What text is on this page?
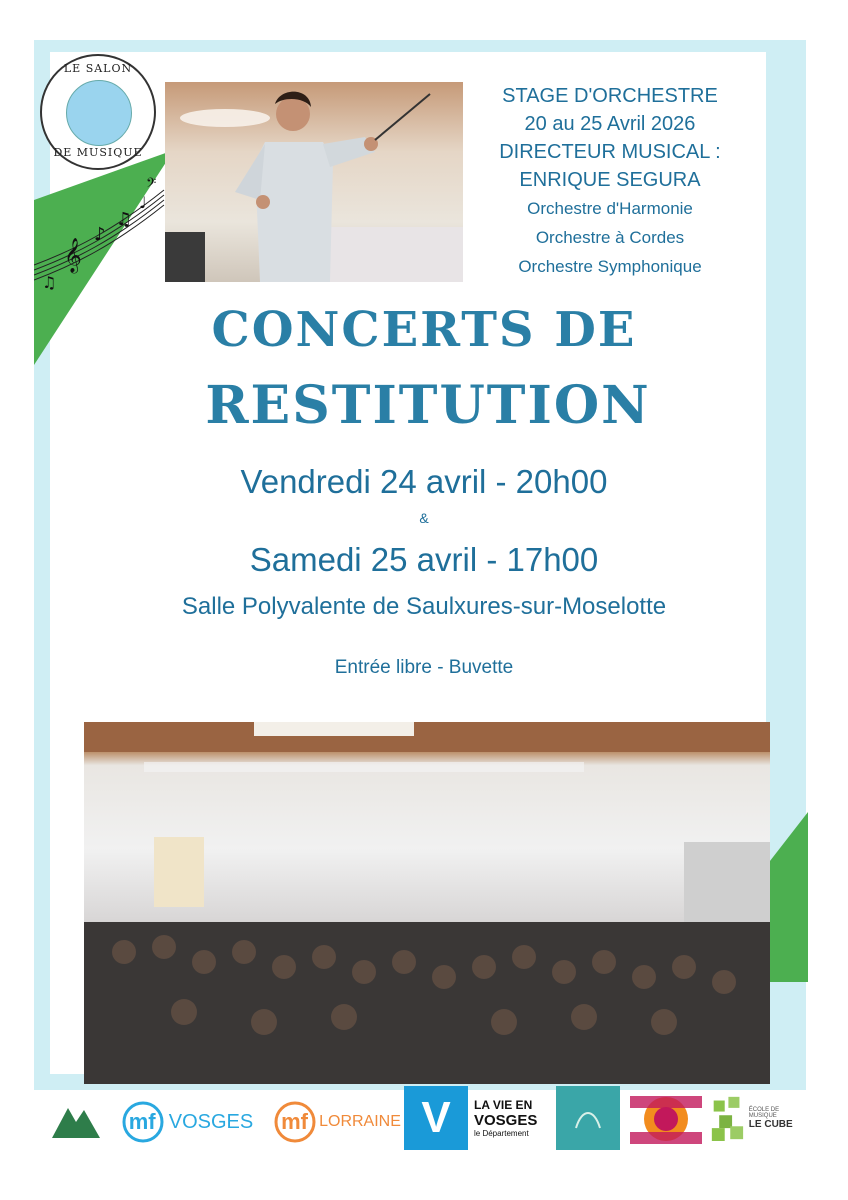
𝄞
♪
♫
♩
𝄢
♫
LE SALON
DE MUSIQUE
STAGE D'ORCHESTRE
20 au 25 Avril 2026
DIRECTEUR MUSICAL :
ENRIQUE SEGURA
Orchestre d'Harmonie
Orchestre à Cordes
Orchestre Symphonique
CONCERTS DE
RESTITUTION
Vendredi 24 avril - 20h00
&
Samedi 25 avril - 17h00
Salle Polyvalente de Saulxures-sur-Moselotte
Entrée libre - Buvette
mf VOSGES mf LORRAINE V LA VIE EN
VOSGES
le Département
ÉCOLE DE MUSIQUE
LE CUBE
